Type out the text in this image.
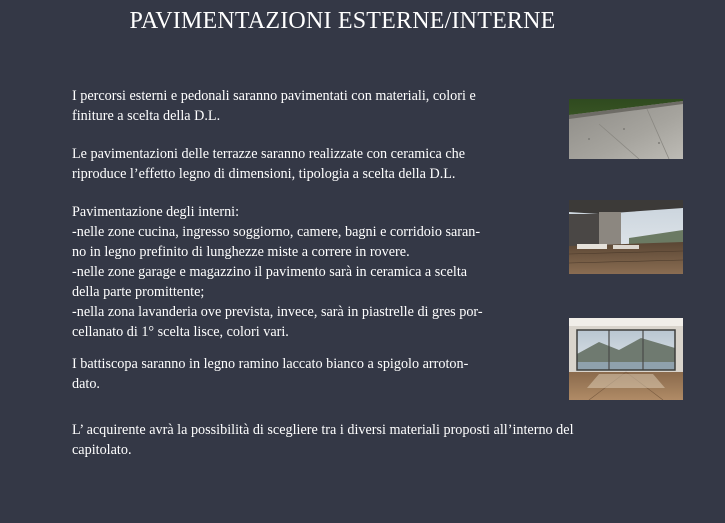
PAVIMENTAZIONI ESTERNE/INTERNE
I percorsi esterni e pedonali saranno pavimentati con materiali, colori e
finiture a scelta della D.L.
Le pavimentazioni delle terrazze saranno realizzate con ceramica che
riproduce l’effetto legno di dimensioni, tipologia a scelta della D.L.
Pavimentazione degli interni:
-nelle zone cucina, ingresso soggiorno, camere, bagni e corridoio saran-
no in legno prefinito di lunghezze miste a correre in rovere.
-nelle zone garage e magazzino il pavimento sarà in ceramica a scelta
della parte promittente;
-nella zona lavanderia ove prevista, invece, sarà in piastrelle di gres por-
cellanato di 1° scelta lisce, colori vari.
I battiscopa saranno in legno ramino laccato bianco a spigolo arroton-
dato.
L’ acquirente avrà la possibilità di scegliere tra i diversi materiali proposti all’interno del
capitolato.
